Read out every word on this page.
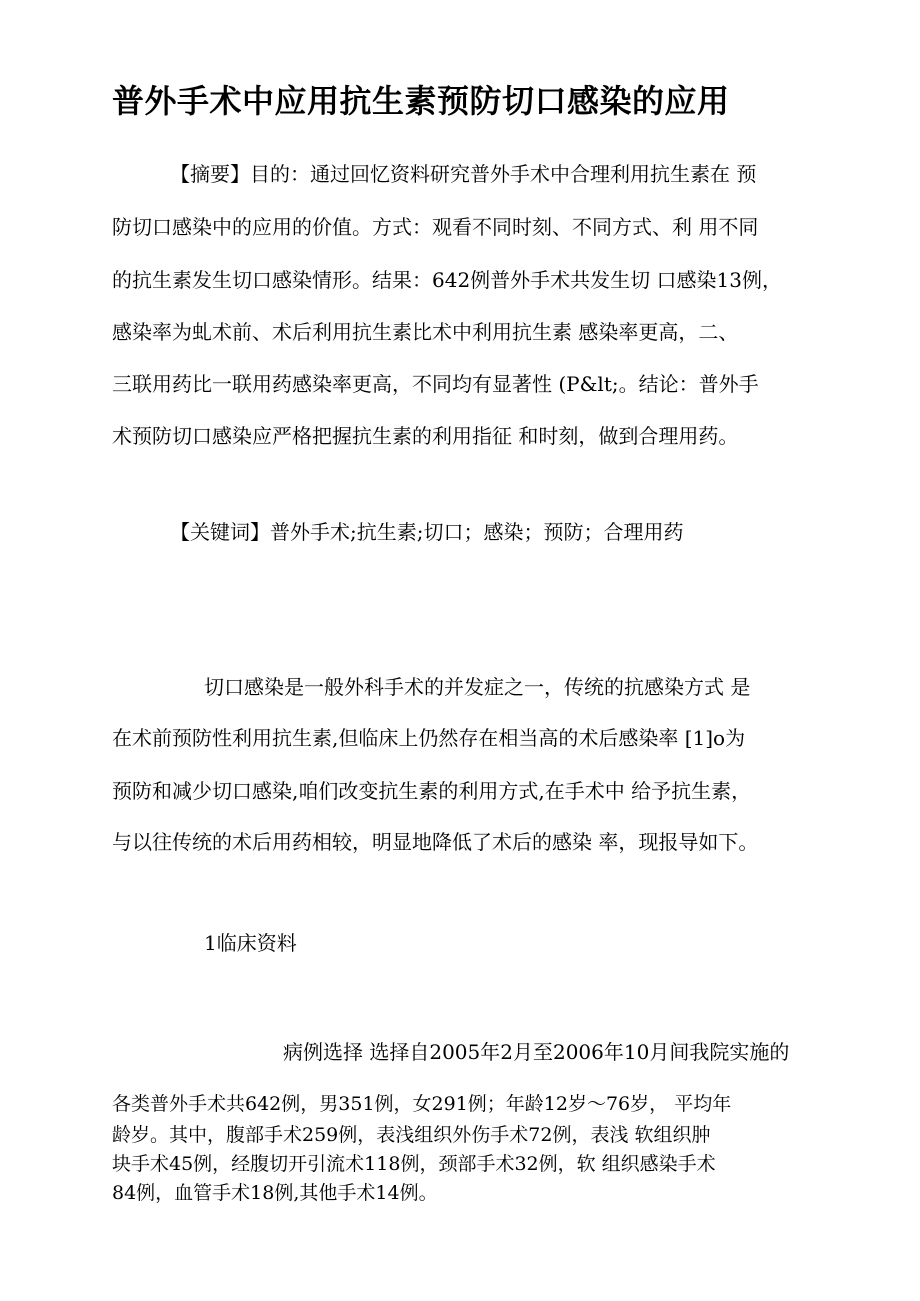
普外手术中应用抗生素预防切口感染的应用
【摘要】目的：通过回忆资料研究普外手术中合理利用抗生素在 预
防切口感染中的应用的价值。方式：观看不同时刻、不同方式、利 用不同
的抗生素发生切口感染情形。结果：642例普外手术共发生切 口感染13例，
感染率为虬术前、术后利用抗生素比术中利用抗生素 感染率更高，二、
三联用药比一联用药感染率更高，不同均有显著性 (P&lt;。结论：普外手
术预防切口感染应严格把握抗生素的利用指征 和时刻，做到合理用药。
【关键词】普外手术;抗生素;切口；感染；预防；合理用药
切口感染是一般外科手术的并发症之一，传统的抗感染方式 是
在术前预防性利用抗生素,但临床上仍然存在相当高的术后感染率 [1]o为
预防和减少切口感染,咱们改变抗生素的利用方式,在手术中 给予抗生素，
与以往传统的术后用药相较，明显地降低了术后的感染 率，现报导如下。
1临床资料
病例选择 选择自2005年2月至2006年10月间我院实施的
各类普外手术共642例，男351例，女291例；年龄12岁～76岁， 平均年
龄岁。其中，腹部手术259例，表浅组织外伤手术72例，表浅 软组织肿
块手术45例，经腹切开引流术118例，颈部手术32例，软 组织感染手术
84例，血管手术18例,其他手术14例。
